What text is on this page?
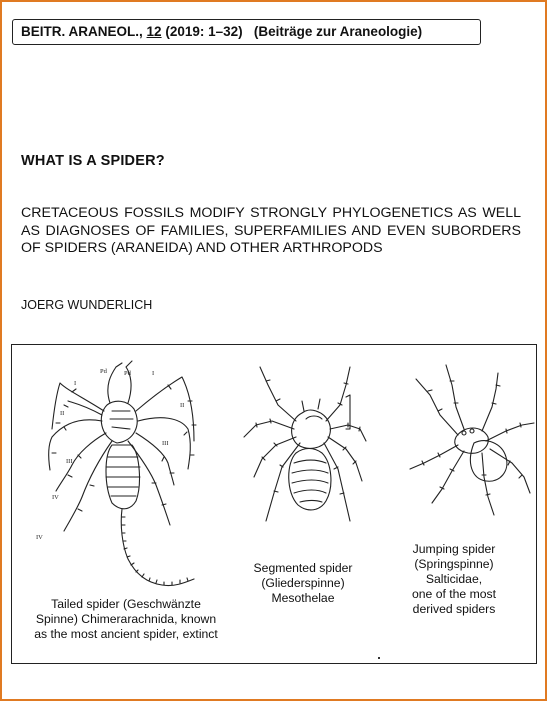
BEITR. ARANEOL., 12 (2019: 1–32) (Beiträge zur Araneologie)
WHAT IS A SPIDER?
CRETACEOUS FOSSILS MODIFY STRONGLY PHYLOGENETICS AS WELL AS DIAGNOSES OF FAMILIES, SUPERFAMILIES AND EVEN SUBORDERS OF SPIDERS (ARANEIDA) AND OTHER ARTHROPODS
JOERG WUNDERLICH
Pd	Pd
I
I
II
II
III
III
IV
IV
Tailed spider (Geschwänzte
Spinne) Chimerarachnida, known
as the most ancient spider, extinct
Segmented spider
(Gliederspinne)
Mesothelae
Jumping spider
(Springspinne)
Salticidae,
one of the most
derived spiders
